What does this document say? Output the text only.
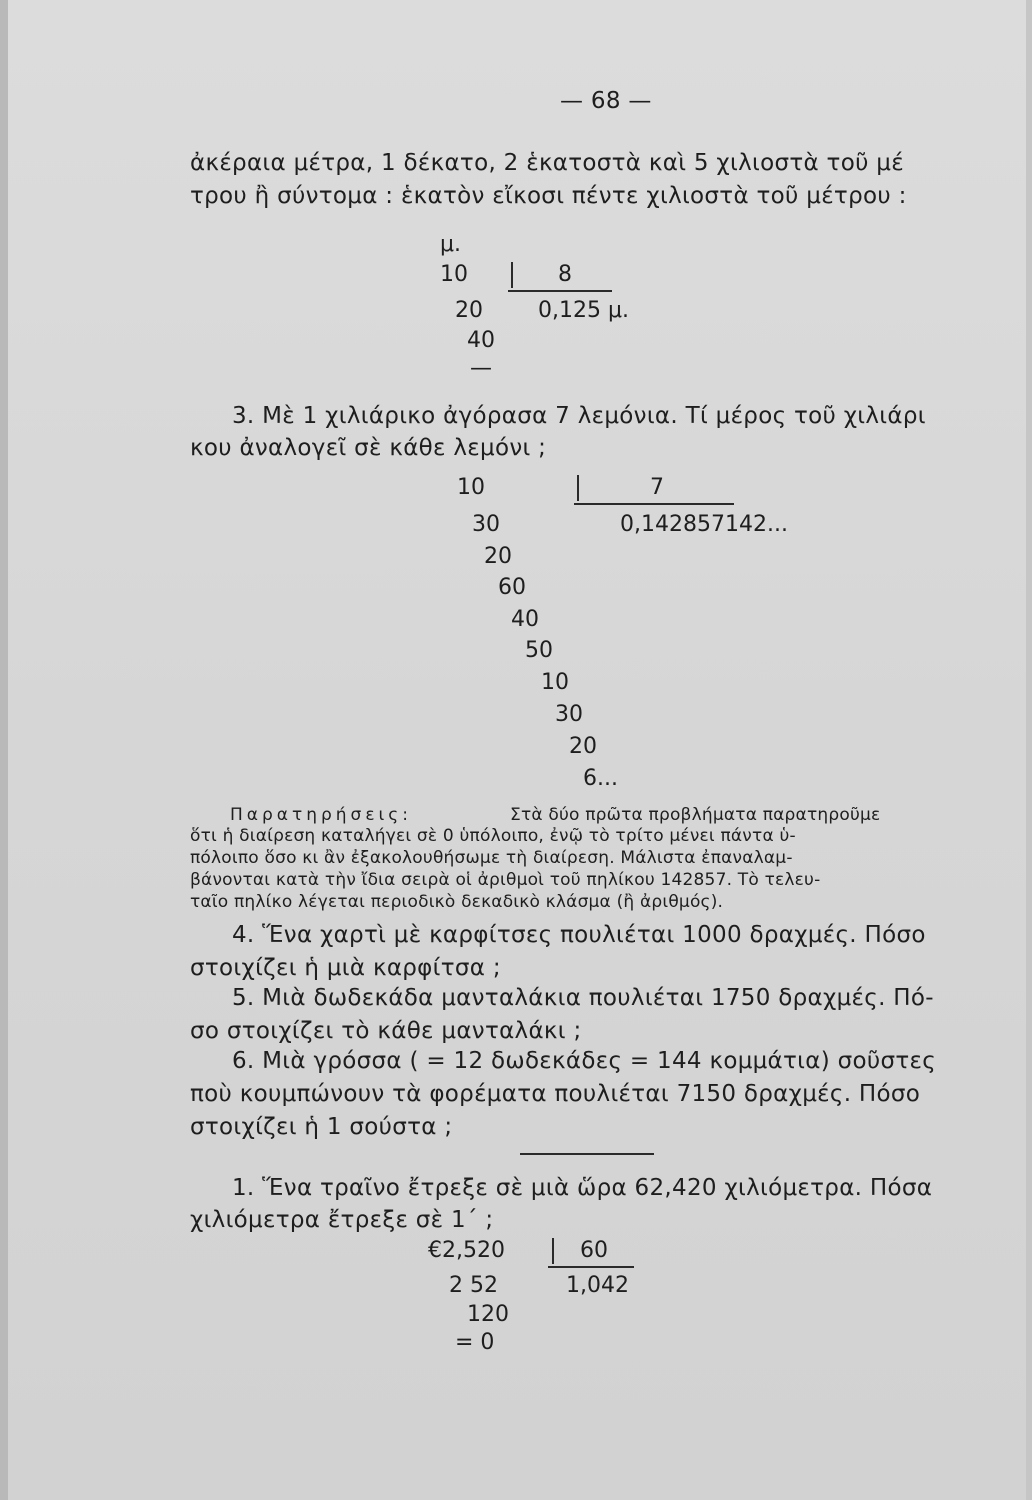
— 68 —
ἀκέραια μέτρα, 1 δέκατο, 2 ἑκατοστὰ καὶ 5 χιλιοστὰ τοῦ μέ
τρου ἢ σύντομα : ἑκατὸν εἴκοσι πέντε χιλιοστὰ τοῦ μέτρου :
μ.
10	8
0,125 μ.
20
40
—
3. Μὲ 1 χιλιάρικο ἀγόρασα 7 λεμόνια. Τί μέρος τοῦ χιλιάρι
κου ἀναλογεῖ σὲ κάθε λεμόνι ;
10	7
0,142857142...
30
20
60
40
50
10
30
20
6...
Παρατηρήσεις:	Στὰ δύο πρῶτα προβλήματα παρατηροῦμε
ὅτι ἡ διαίρεση καταλήγει σὲ 0 ὑπόλοιπο, ἐνῷ τὸ τρίτο μένει πάντα ὑ-
πόλοιπο ὅσο κι ἂν ἐξακολουθήσωμε τὴ διαίρεση. Μάλιστα ἐπαναλαμ-
βάνονται κατὰ τὴν ἴδια σειρὰ οἱ ἀριθμοὶ τοῦ πηλίκου 142857. Τὸ τελευ-
ταῖο πηλίκο λέγεται περιοδικὸ δεκαδικὸ κλάσμα (ἢ ἀριθμός).
4. Ἕνα χαρτὶ μὲ καρφίτσες πουλιέται 1000 δραχμές. Πόσο
στοιχίζει ἡ μιὰ καρφίτσα ;
5. Μιὰ δωδεκάδα μανταλάκια πουλιέται 1750 δραχμές. Πό-
σο στοιχίζει τὸ κάθε μανταλάκι ;
6. Μιὰ γρόσσα ( = 12 δωδεκάδες = 144 κομμάτια) σοῦστες
ποὺ κουμπώνουν τὰ φορέματα πουλιέται 7150 δραχμές. Πόσο
στοιχίζει ἡ 1 σούστα ;
1. Ἕνα τραῖνο ἔτρεξε σὲ μιὰ ὥρα 62,420 χιλιόμετρα. Πόσα
χιλιόμετρα ἔτρεξε σὲ 1΄ ;
€2,520	60
1,042
2 52
120
= 0
